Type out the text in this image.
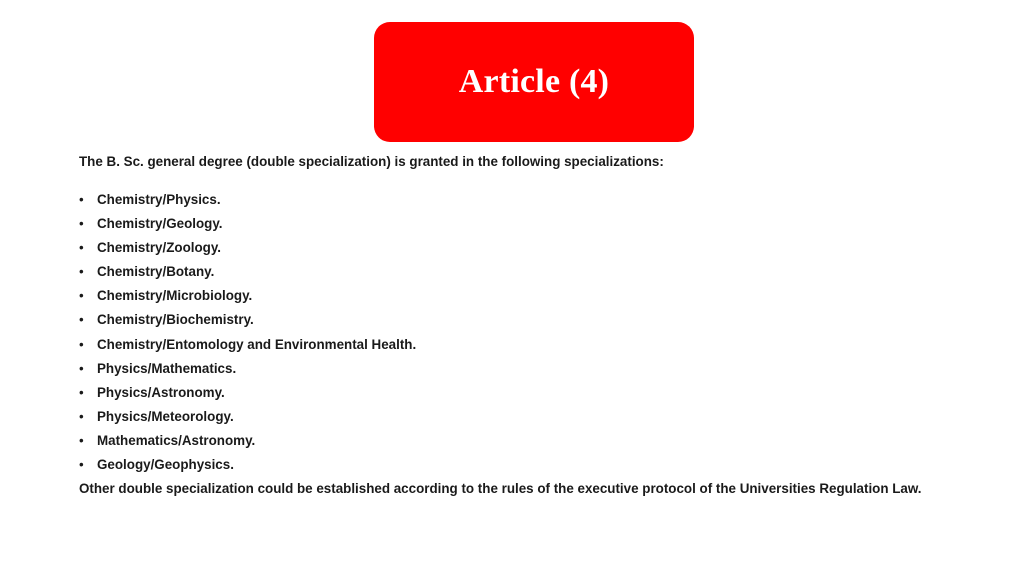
Article (4)
The B. Sc. general degree (double specialization) is granted in the following specializations:
• Chemistry/Physics.
• Chemistry/Geology.
• Chemistry/Zoology.
• Chemistry/Botany.
• Chemistry/Microbiology.
• Chemistry/Biochemistry.
• Chemistry/Entomology and Environmental Health.
• Physics/Mathematics.
• Physics/Astronomy.
• Physics/Meteorology.
• Mathematics/Astronomy.
• Geology/Geophysics.
Other double specialization could be established according to the rules of the executive protocol of the Universities Regulation Law.
